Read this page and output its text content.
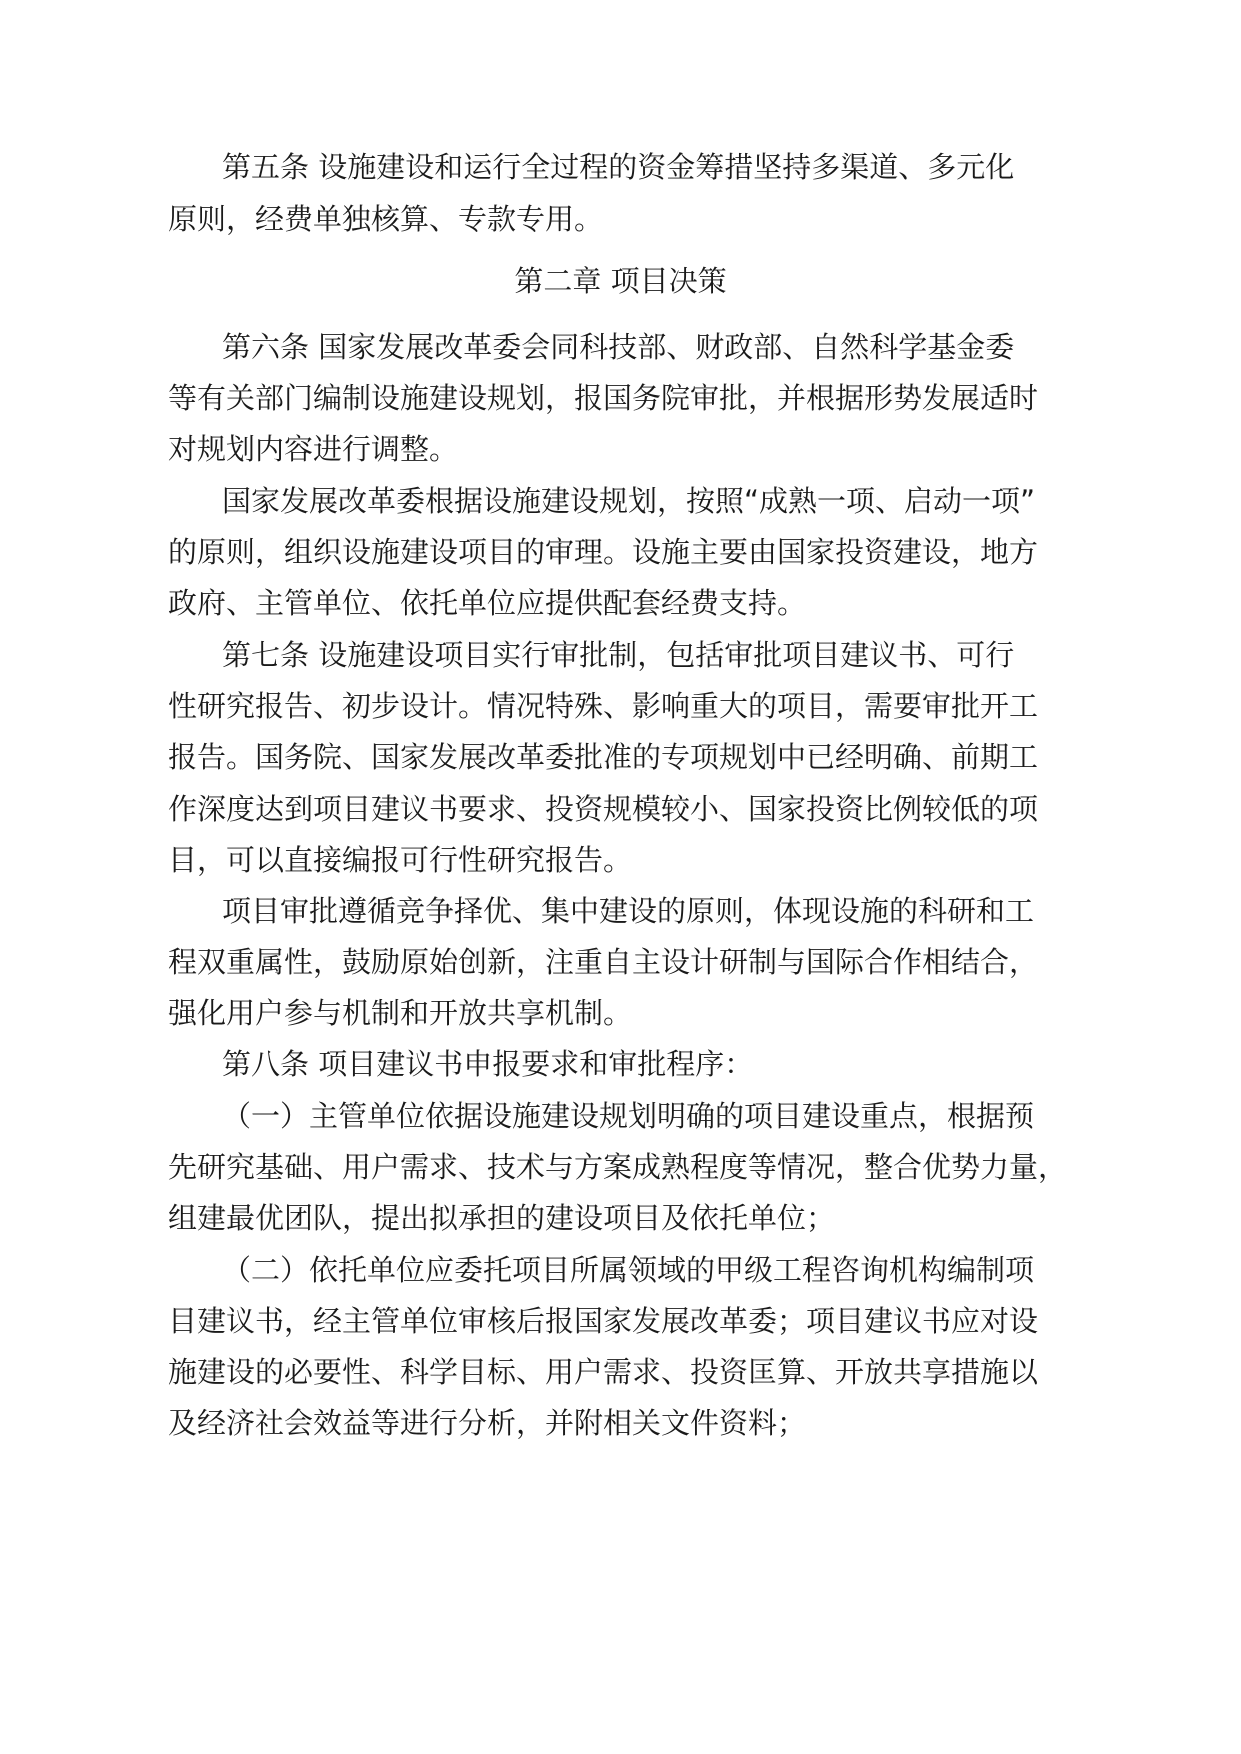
第五条 设施建设和运行全过程的资金筹措坚持多渠道、多元化
原则，经费单独核算、专款专用。
第二章 项目决策
第六条 国家发展改革委会同科技部、财政部、自然科学基金委
等有关部门编制设施建设规划，报国务院审批，并根据形势发展适时
对规划内容进行调整。
国家发展改革委根据设施建设规划，按照“成熟一项、启动一项”
的原则，组织设施建设项目的审理。设施主要由国家投资建设，地方
政府、主管单位、依托单位应提供配套经费支持。
第七条 设施建设项目实行审批制，包括审批项目建议书、可行
性研究报告、初步设计。情况特殊、影响重大的项目，需要审批开工
报告。国务院、国家发展改革委批准的专项规划中已经明确、前期工
作深度达到项目建议书要求、投资规模较小、国家投资比例较低的项
目，可以直接编报可行性研究报告。
项目审批遵循竞争择优、集中建设的原则，体现设施的科研和工
程双重属性，鼓励原始创新，注重自主设计研制与国际合作相结合，
强化用户参与机制和开放共享机制。
第八条 项目建议书申报要求和审批程序：
（一）主管单位依据设施建设规划明确的项目建设重点，根据预
先研究基础、用户需求、技术与方案成熟程度等情况，整合优势力量，
组建最优团队，提出拟承担的建设项目及依托单位；
（二）依托单位应委托项目所属领域的甲级工程咨询机构编制项
目建议书，经主管单位审核后报国家发展改革委；项目建议书应对设
施建设的必要性、科学目标、用户需求、投资匡算、开放共享措施以
及经济社会效益等进行分析，并附相关文件资料；
